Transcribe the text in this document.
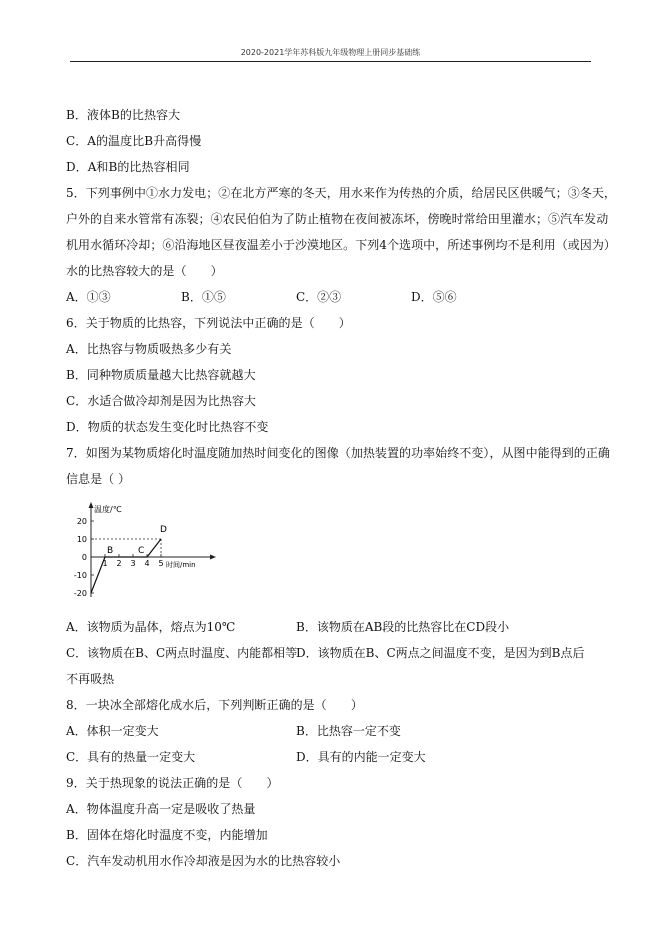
2020-2021学年苏科版九年级物理上册同步基础练
B．液体B的比热容大
C．A的温度比B升高得慢
D．A和B的比热容相同
5．下列事例中①水力发电；②在北方严寒的冬天，用水来作为传热的介质，给居民区供暖气；③冬天，
户外的自来水管常有冻裂；④农民伯伯为了防止植物在夜间被冻坏，傍晚时常给田里灌水；⑤汽车发动
机用水循环冷却；⑥沿海地区昼夜温差小于沙漠地区。下列4个选项中，所述事例均不是利用（或因为）
水的比热容较大的是（　　）
A．①③	B．①⑤	C．②③	D．⑤⑥
6．关于物质的比热容，下列说法中正确的是（　　）
A．比热容与物质吸热多少有关
B．同种物质质量越大比热容就越大
C．水适合做冷却剂是因为比热容大
D．物质的状态发生变化时比热容不变
7．如图为某物质熔化时温度随加热时间变化的图像（加热装置的功率始终不变），从图中能得到的正确
信息是（ ）
温度/℃
时间/min
20
10
0
-10
-20
1 2 3 4 5
B	C
D
A．该物质为晶体，熔点为10℃	B．该物质在AB段的比热容比在CD段小
C．该物质在B、C两点时温度、内能都相等
D．该物质在B、C两点之间温度不变，是因为到B点后
不再吸热
8．一块冰全部熔化成水后，下列判断正确的是（　　）
A．体积一定变大	B．比热容一定不变
C．具有的热量一定变大	D．具有的内能一定变大
9．关于热现象的说法正确的是（　　）
A．物体温度升高一定是吸收了热量
B．固体在熔化时温度不变，内能增加
C．汽车发动机用水作冷却液是因为水的比热容较小
